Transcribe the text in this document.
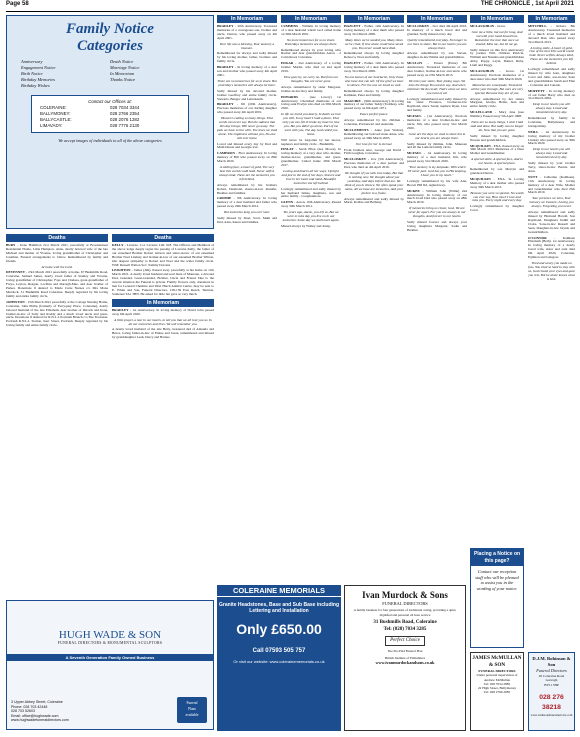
Page 58	THE CHRONICLE , 1st April 2021
Family Notice
Categories
Anniversary	Death Notice
Engagement Notice	Marriage Notice
Birth Notice	In Memoriam
Birthday Memories	Thanks Notice
Birthday Wishes
Contact our Offices at:
COLERAINE:	028 7034 3344
BALLYMONEY:	028 2766 2354
BALLYCASTLE:	028 2076 1282
LIMAVADY:	028 7776 2130
We accept images of individuals to all of the above categories
Deaths

BURY - Irene Hamilton 21st March 2021, peacefully at Brookentreet Residential Home, Little Hampton. Anna, dearly beloved wife of the late Michael and mother of Yvonne, loving grandmother of Christopher and Jonathan. Funeral arrangements to follow. Remembered by family and friends.

At home with the Lord.

DEVENNEY - 23rd March 2021 peacefully at home, 67 Bushmills Road, Coleraine, Samuel James, dearly loved father of Stanley and Yvonne, loving grandfather of Christopher, Faye and Chelsea, great-grandfather of Freya, Leyton, Reagan, Lochlan and Darragh-Mae, and dear brother of Parker. Donations if desired to Marie Curie Nurses c/o Mrs Mona Murdock, 31 Bushmills Road Coleraine. Deeply regretted by his loving family and entire family circle.

JOHNSTON - 15th March 2021 peacefully at the Cottage Nursing Home, Coleraine, John Philip (formerly of Ferryquay Place, Coleraine), dearly beloved husband of the late Elizabeth, dear brother of Derrick and Irene, brother-in-law of Sally and Roddy and a much loved uncle and great-uncle. Donations if desired for R.N.L.I. Portrush Branch c/o The Treasurer. Portrush R.N.L.I. Station, Kerr Street, Portrush. Deeply regretted by his loving family and entire family circle.

Deaths

KELLY - Laverne. Col. Laverne LOL 918. The Officers and Members of the above lodge deeply regret the passing of Laverne Kelly, the father of our esteemed Brother Robert Gibson and sister-in-law of our esteemed Brother Noel Lindsay and brother-in-law of our esteemed Brother Wilson. Our deepest sympathy to Robert and Noel and the wider family circle. WM: Russell Walton Sec: Tommy Dorrans

LEIGHTON - James (Jim). Passed away peacefully at his home on 11th March 2021. A dearly loved husband and soul mate of Maureen, a devoted Dad, Grandad, Great-Grandad, Brother, Uncle and Friend. Due to the current situation the Funeral is private. Family flowers only, donations in lieu for Leonard Cheshire and West Hatch Animal Centre, may be sent to E. White and Son, Funeral Directors, 158-159 East Reach, Taunton, Somerset TA1 3HN. He asked for little but gave so very much.

In Memoriam

BRADLEY - 1st Anniversary. In loving memory of David John passed away 6th April 2020.

A little prayer, a tear in our hearts, to tell you that we all love you so. In all our memories and lives, We will remember you.

A dearly loved husband of the late Betty, treasured dad of Amanda and Bruce, loving father-in-law of Elaine and Jason, remembered and missed by granddaughter Leah, Darcy and Barnes.

In Memoriam

BRADLEY - 20th Anniversary. Treasured memories of a courageous son, brother and uncle, Darren, who passed away on 4th April 2001.

Your life was a blessing, Your memory a treasure.

Remembered for always and sadly missed by his loving mother, father, brothers and family circle.

BRADLEY - In loving memory of a dear son and brother who passed away 4th April 2001.

There are no tomorrows for us to share. But yesterday's memories will always be there.

Sadly missed by his devoted mother, brother Geoffrey and entire family circle. Stewarts, Bangor and Letterkenth.

BRADLEY - Jill (20th Anniversary). Precious memories of our darling daughter who passed away 4th April 2001.

Heaven's calling so many things. That words can never say. But the sadness that this day brings, Will never go away. The pain we have to live with, The tears we shed alone, The emptiness without you, No-one will ever know.

Loved and missed every day by Dad and Mum Dessie and Georgie xxx.

CAMERON - First Anniversary. In loving memory of Bill who passed away on 29th March 2020.

A smiling face, a heart of gold, The very best this world could hold. Never selfish always kind, These are the memories you left behind.

Always remembered by his brothers Robert, Desmond, sisters-in-law Jennifer, Heather and families.

CROMIE - 9th Anniversary. In loving memory of a dear husband and father who passed away 26th March 2012.

But memories keep you ever near.

Sadly missed by Janet, Scott, Mum and Dad, Alan, Karen and families.

In Memoriam

CUMMINS - William. In loving memory of a dear husband whom God called home on 30th March 2001.

No more tomorrows for us to share. Yesterdays memories are always there.

Remembered always by your loving wife Rachel and dear grandchildren Aaron - 2 Cairn Road, Coleraine.

EDGAR - 2nd Anniversary of a loving brother Martin, who died on 2nd April 2019.

Time goes by, we carry on, But from our thoughts, You are never gone.

Always remembered by sister Margaret, brother-in-law Roy and family.

EDWARDS - (nee Lavery) 1st Anniversary. Cherished memories of our loving aunt Evelyn who died on 30th March 2020.

In life we loved you dearly, In death we love you still, In my heart I hold a place, That only you can fill. It broke my heart to lose you, But you didn't go alone, Part of me went with you, The day God called you home.

Will never be forgotten by her nieces, nephews and family circle - Bushmills.

FINLAY - Sarah Ellen (nee Moore). In loving memory of a very dear wife, mother, mother-in-law, grandmother, and great-grandmother. Called home 28th March 2017.

Loving and kind in all her ways, Upright and just to the end of her days, Sincere and true in her heart and mind, Beautiful memories she left behind.

Lovingly remembered and sadly missed by her husband James, daughters, son and entire family - Coughanmore.

GLENN - Aaron, 10th Anniversary. Passed away 30th March 2011.

Ten years ago, Aaron, you left us, But we were to miss day you live on in our memories. Some day we shall meet again.

Missed always by Walley and Jenny.

In Memoriam

HAZLETT - Esther. 12th Anniversary. In loving memory of a dear mum who passed away 31st March 2009.

Many times we've needed you, Many times we've cried, If love alone could have saved you, You never would have died.

Remembered always by loving daughter Rebecca, Noel and family.

HAZLETT - Esther. 12th Anniversary. In loving memory of a dear mum who passed away 31st March 2009.

No one knows of our heartache, Only those who have lost can tell, Of the grief we bear in silence, For the one we loved so well.

Remembered always by loving daughter Kathleen, Peter and family.

MAGUIRE - (50th Anniversary). In loving memory of our father Teddy (Toddies), who passed away on 9th April 1971.

Peace perfect peace.

Always remembered by his children - Coleraine, Portstewart and Australia.

MCCLEMENTS - Anne (nee Watton). Remembering our beloved sister Anne, who passed away on 30th March 2005.

Our love for her is eternal.

From brothers Alec, George and David - Firth Loughan, Coleraine.

MCCLOSKEY - Ivor (5th Anniversary). Precious memories of a dear partner and Dad, who died on 4th April 2016.

We thought of you with love today, But that is nothing new. We thought about you yesterday, And days before that too. We think of you in silence, We often speak your name, All we have are memories, And your picture in a frame.

Always remembered and sadly missed by Marie, Robbie and Bethany.

In Memoriam

MCCLOSKEY - Ivor died 4th April 2016. In memory of a much loved dad and grandad. Sadly missed every day.

Quietly remembered everyday. No longer in our lives to share, But in our hearts you are always there.

Always remembered by son Steven, daughter-in-law Emma and grandchildren.

MCCLOY - Ernest (Ernie) 8th Anniversary. Treasured memories of our dear brother, brother-in-law and uncle who passed away on 27th March 2013.

We miss your smile, Your joking ways, We miss the things You used to say, And when old times We do recall, That's when we miss you most of all.

Lovingly remembered and sadly missed by his sister Florence, brother-in-law Raymond, niece Sarah, nephew Ryan, Lisa and family.

MCFAUL - (1st Anniversary). Precious memories of a dear brother-in-law and uncle, Jim, who passed away 31st March 2020.

Gone are the days we used to share but in our hearts you are always there.

Sadly missed by Jimmie, John, Maureen and all the Lamont family circle.

MCFAUL - 1st Anniversary. In loving memory of a dear husband, Jim, who passed away 31st March 2020.

"Your memory is my keepsake, With which I'll never part. God has you in His keeping, I have you in my heart."

Lovingly remembered by his wife Ann, Brown Hill Rd, Aghadowey.

MCKEE - William John (Willie) 2nd Anniversary. In loving memory of our much loved Dad who passed away on 28th March 2019.

If memories bring us closer, God, We are never far apart, For you are always in our thoughts, And forever in our hearts.

Sadly missed forever and always your loving daughters Margaret, Sadie and Heather.

In Memoriam

MCLAUGHLIN - Grace.

Give me a little, but not for long, And not with your head bowed low, Remember the love that once we shared, Miss me, but let me go.

Sadly missed on this first anniversary by partner Will, children Patricia, William and Natasha and grandchildren Abby, Poppy, Layla, Daniel, Ruby, Liam and Peggy.

MCLAUGHLIN - Grace. 1st Anniversary. Precious memories of a dear sister who died 30th March 2020.

Memories are a keepsake, Treasured all the year through, But ours are very special, Because they are of you.

Always remembered by her sisters Margaret, Gladys, Helen, Jean and entire family circle.

MCLELLAND - Mary Jane (nee Nimmo). Passed away 5th April 1998.

There are so many things, I wish I had said and done, But sadly can no longer do, Now that you are gone.

Sadly missed by loving daughter Noreen and grandchildren.

MCQUILKIN - ENA. Passed away on 30th March 2015 Memories of a Dear Mother and Grandmother.

A special smile, A special face, And in our hearts, A special place.

Remembered by son Mervyn and grandson Darren.

MCQUILKIN - ENA. In Loving Memory of a dear mother who passed away 30th March 2015.

Because you were so special, No words can ever say, How much I love and miss you, Every night and every day.

Lovingly remembered by daughter Carol.

In Memoriam

MITCHELL - Robert. 8th Anniversary. Treasured memories of a much loved husband and devoted Dad, who passed away 31st March 2013.

A loving smile, A heart of gold, One of the best This world could hold. Never selfish, Always kind, These are the memories you left behind.

Lovingly remembered and sadly missed by wife Jean, daughters Carol and Julie, son-in-law Sean and grandchildren Sarah and Finn - Coleraine and Canada.

MOFFETT - In loving memory of our father Harry who died on 31st March 2004.

Deep in our hearts you will always stay. Loved and remembered every day.

Remembered by family in Coleraine, Ballymoney and Glengormley.

NEILL - 1st Anniversary. In loving memory of my brother Lindsay who passed away on 30th March 2020.

Deep in our hearts you will always stay. Loved and remembered every day.

Sadly missed by your brother Terry, sister-in-law Bernie and Alan.

NUTT - Catherine (Kathleen). 11th Anniversary. In loving memory of a dear Wife, Mother and Grandmother who died 25th March 2010.

Your presence we miss, Your memory we treasure, Loving you always, Forgetting you never.

Always remembered and sadly missed by Husband Harold, Son Raymond, Daughters Judith and Claire, Sons-in-law Russell and Sean, Daughter-in-law Glynis and Grandchildren.

O'CONNOR - Kathleen Elizabeth (Beth). 1st Anniversary. In loving memory of a dearly loved wife, sister and aunt died 9th April 2020, Coleraine, Eglinton and Glasgow.

Tired and weary you made no fuss, You tried so hard to stay with us, God closed your eyes and gave you rest, But he alone knows what is best.

HUGH WADE & SON
FUNERAL DIRECTORS & MONUMENTAL SCULPTORS
A Seventh Generation Family Owned Business
3 Upper Abbey Street, Coleraine
Phone: 028 703 42448
028 703 52603
Email: office@hughwade.com
www.hughwadefuneraldirectors.com
Funeral
Plans
available
COLERAINE MEMORIALS
Granite Headstones, Base and Sub Base including Lettering and Installation
Only £650.00
Call 07593 505 757
Or visit our website: www.colerainememorials.co.uk
Ivan Murdock & Sons
FUNERAL DIRECTORS
A family business for four generations of traditional caring, providing a quiet, dignified and personal 24 hour service
31 Bushmills Road, Coleraine
Tel: (028) 7034 3285
Perfect Choice
The Pre-Paid Funeral Plan
British Institute of Embalmers
www.ivanmurdockandsons.co.uk
Placing a Notice on this page?
Contact our reception staff who will be pleased to assist you in the wording of your notice.
JAMES McMULLAN & SON
FUNERAL DIRECTORS
Under personal supervision of
Andrew McMullan
Tel: 028 7034 2885
22 High Street, Ballymoney
Tel: 028 2766 2085
D.J.M. Robinson & Son
Funeral Directors
20 Coleraine Road
Garvagh
BT51 5HP
028 276 38218
www.robinsonsfuneralservice.com
